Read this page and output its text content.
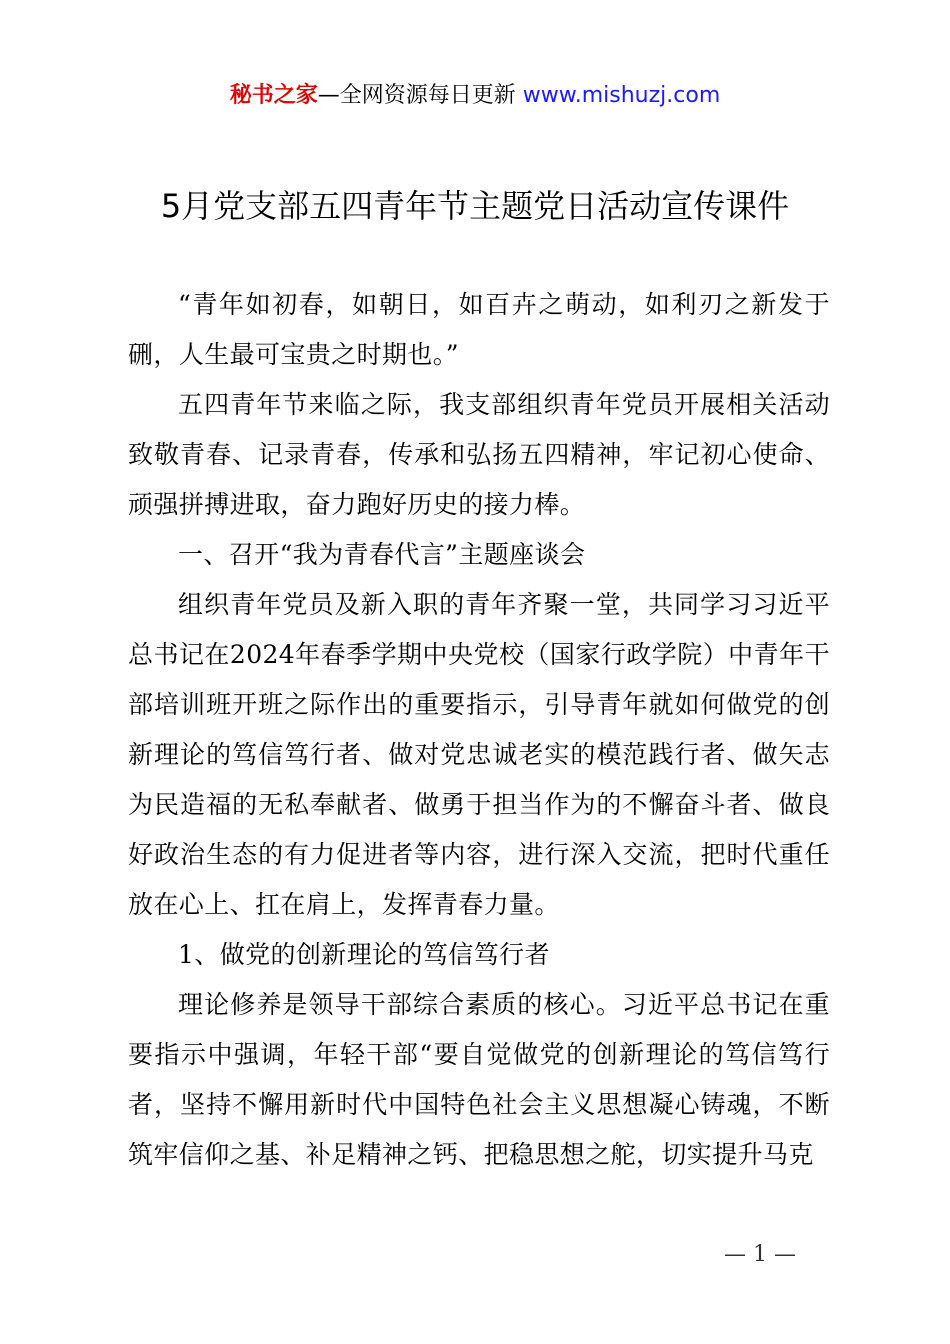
秘书之家—全网资源每日更新 www.mishuzj.com
5月党支部五四青年节主题党日活动宣传课件

“青年如初春，如朝日，如百卉之萌动，如利刃之新发于硎，人生最可宝贵之时期也。”

五四青年节来临之际，我支部组织青年党员开展相关活动致敬青春、记录青春，传承和弘扬五四精神，牢记初心使命、顽强拼搏进取，奋力跑好历史的接力棒。

一、召开“我为青春代言”主题座谈会

组织青年党员及新入职的青年齐聚一堂，共同学习习近平总书记在2024年春季学期中央党校（国家行政学院）中青年干部培训班开班之际作出的重要指示，引导青年就如何做党的创新理论的笃信笃行者、做对党忠诚老实的模范践行者、做矢志为民造福的无私奉献者、做勇于担当作为的不懈奋斗者、做良好政治生态的有力促进者等内容，进行深入交流，把时代重任放在心上、扛在肩上，发挥青春力量。

1、做党的创新理论的笃信笃行者

理论修养是领导干部综合素质的核心。习近平总书记在重要指示中强调，年轻干部“要自觉做党的创新理论的笃信笃行者，坚持不懈用新时代中国特色社会主义思想凝心铸魂，不断筑牢信仰之基、补足精神之钙、把稳思想之舵，切实提升马克

— 1 —
